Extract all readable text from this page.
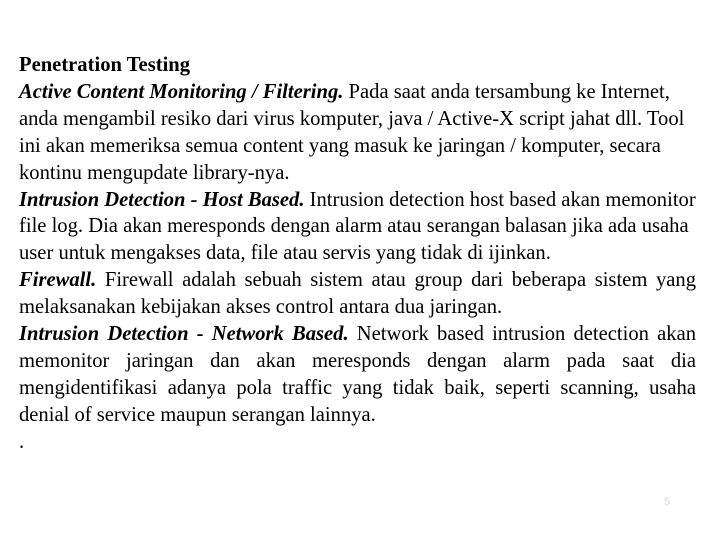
Penetration Testing

Active Content Monitoring / Filtering. Pada saat anda tersambung ke Internet, anda mengambil resiko dari virus komputer, java / Active-X script jahat dll. Tool ini akan memeriksa semua content yang masuk ke jaringan / komputer, secara kontinu mengupdate library-nya.

Intrusion Detection - Host Based. Intrusion detection host based akan memonitor file log. Dia akan meresponds dengan alarm atau serangan balasan jika ada usaha user untuk mengakses data, file atau servis yang tidak di ijinkan.

Firewall. Firewall adalah sebuah sistem atau group dari beberapa sistem yang melaksanakan kebijakan akses control antara dua jaringan.

Intrusion Detection - Network Based. Network based intrusion detection akan memonitor jaringan dan akan meresponds dengan alarm pada saat dia mengidentifikasi adanya pola traffic yang tidak baik, seperti scanning, usaha denial of service maupun serangan lainnya.

.

5
